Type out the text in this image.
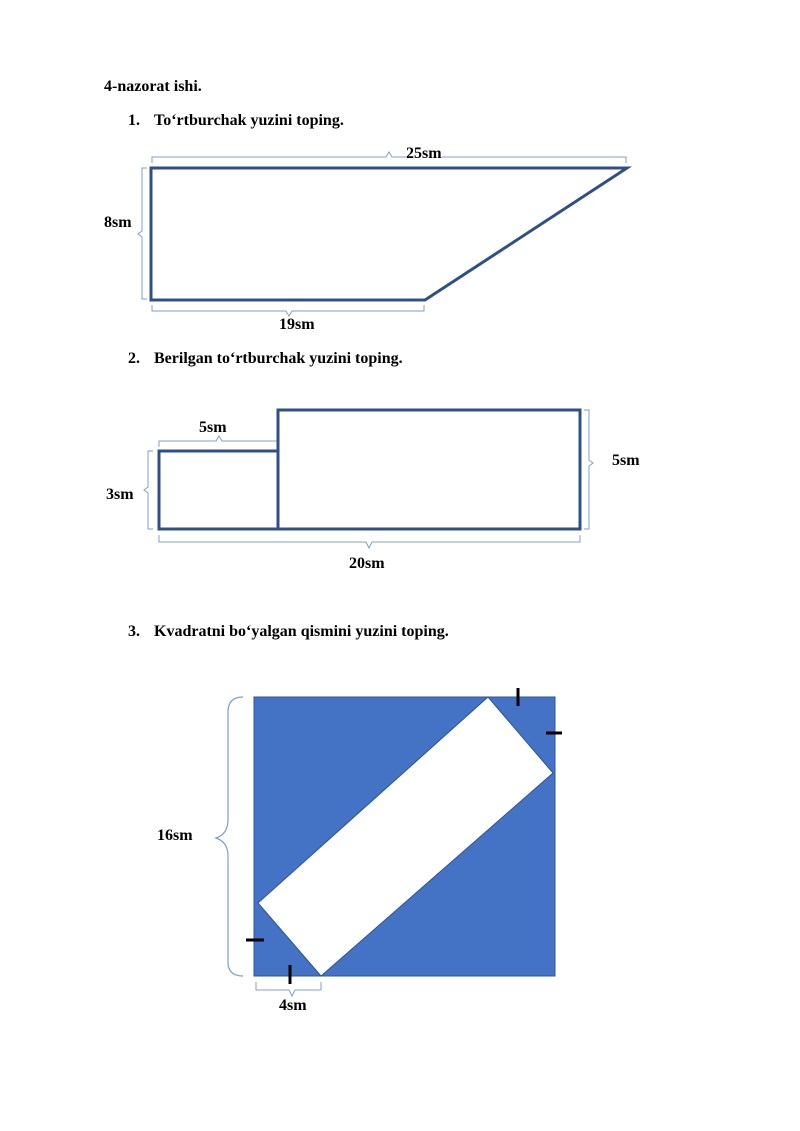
4-nazorat ishi.
1. To‘rtburchak yuzini toping.
25sm
8sm
19sm
2. Berilgan to‘rtburchak yuzini toping.
5sm
3sm
5sm
20sm
3. Kvadratni bo‘yalgan qismini yuzini toping.
16sm
4sm
